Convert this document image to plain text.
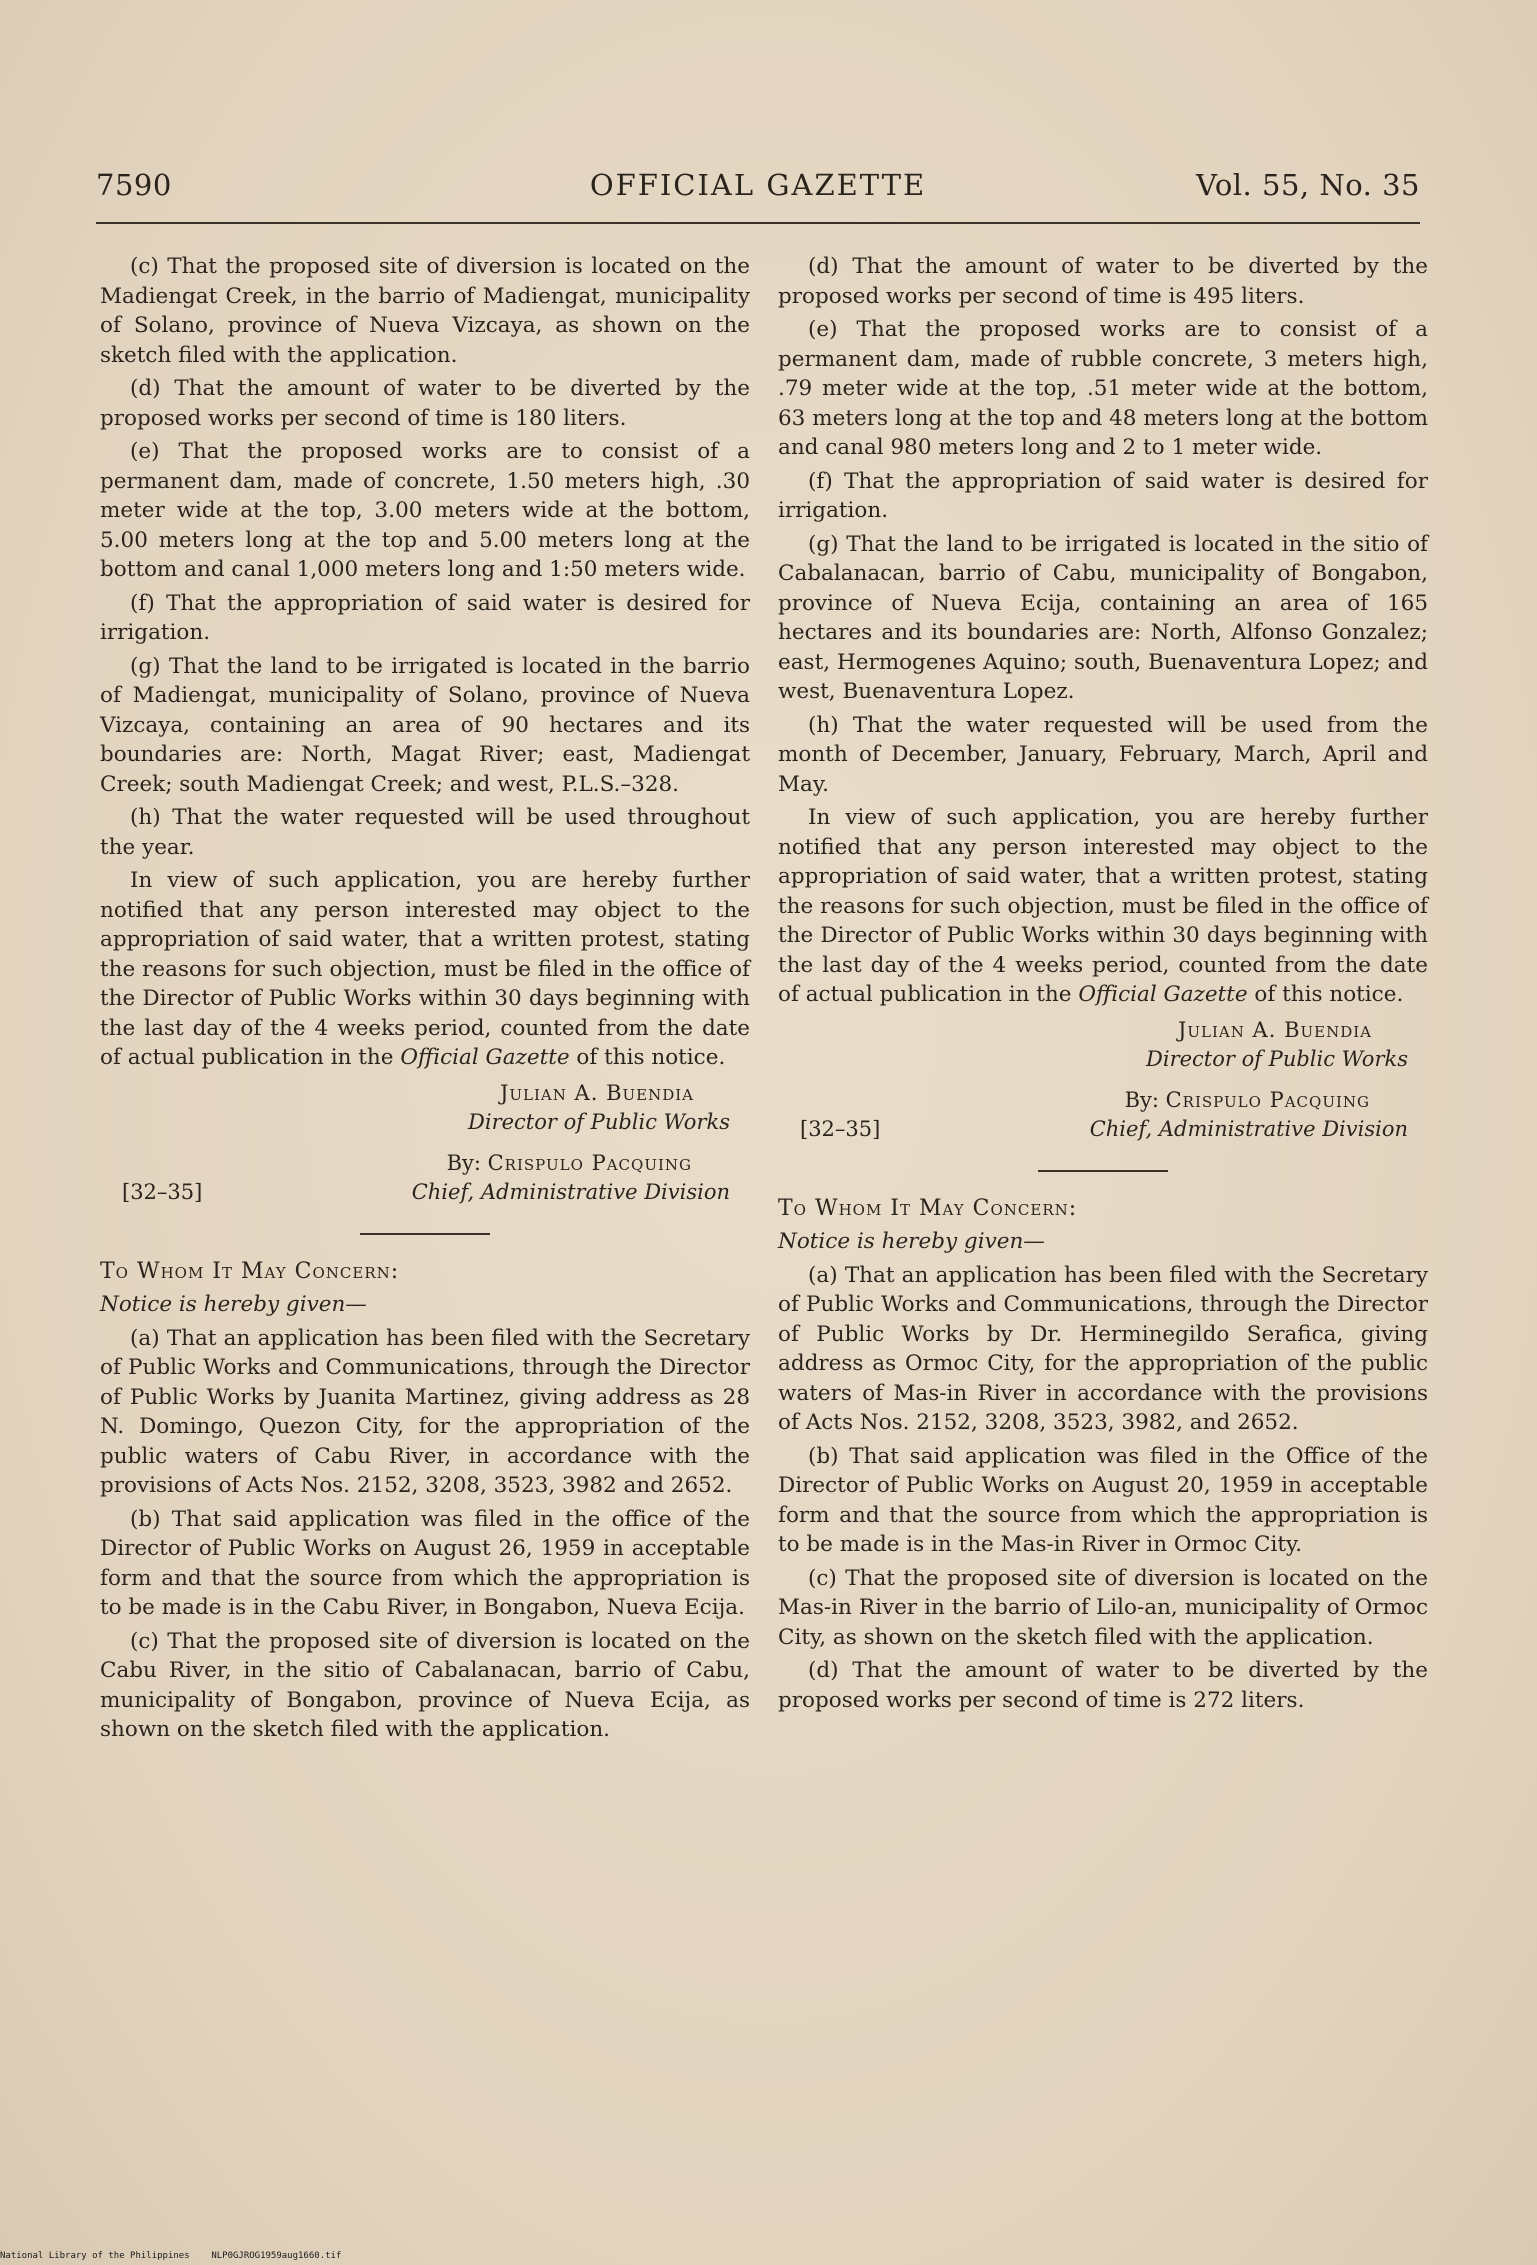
7590	OFFICIAL GAZETTE	Vol. 55, No. 35

(c) That the proposed site of diversion is located on the Madiengat Creek, in the barrio of Madiengat, municipality of Solano, province of Nueva Vizcaya, as shown on the sketch filed with the application.

(d) That the amount of water to be diverted by the proposed works per second of time is 180 liters.

(e) That the proposed works are to consist of a permanent dam, made of concrete, 1.50 meters high, .30 meter wide at the top, 3.00 meters wide at the bottom, 5.00 meters long at the top and 5.00 meters long at the bottom and canal 1,000 meters long and 1:50 meters wide.

(f) That the appropriation of said water is desired for irrigation.

(g) That the land to be irrigated is located in the barrio of Madiengat, municipality of Solano, province of Nueva Vizcaya, containing an area of 90 hectares and its boundaries are: North, Magat River; east, Madiengat Creek; south Madiengat Creek; and west, P.L.S.–328.

(h) That the water requested will be used throughout the year.

In view of such application, you are hereby further notified that any person interested may object to the appropriation of said water, that a written protest, stating the reasons for such objection, must be filed in the office of the Director of Public Works within 30 days beginning with the last day of the 4 weeks period, counted from the date of actual publication in the Official Gazette of this notice.

Julian A. Buendia
Director of Public Works
By: Crispulo Pacquing
[32–35]	Chief, Administrative Division

To Whom It May Concern:

Notice is hereby given—

(a) That an application has been filed with the Secretary of Public Works and Communications, through the Director of Public Works by Juanita Martinez, giving address as 28 N. Domingo, Quezon City, for the appropriation of the public waters of Cabu River, in accordance with the provisions of Acts Nos. 2152, 3208, 3523, 3982 and 2652.

(b) That said application was filed in the office of the Director of Public Works on August 26, 1959 in acceptable form and that the source from which the appropriation is to be made is in the Cabu River, in Bongabon, Nueva Ecija.

(c) That the proposed site of diversion is located on the Cabu River, in the sitio of Cabalanacan, barrio of Cabu, municipality of Bongabon, province of Nueva Ecija, as shown on the sketch filed with the application.

(d) That the amount of water to be diverted by the proposed works per second of time is 495 liters.

(e) That the proposed works are to consist of a permanent dam, made of rubble concrete, 3 meters high, .79 meter wide at the top, .51 meter wide at the bottom, 63 meters long at the top and 48 meters long at the bottom and canal 980 meters long and 2 to 1 meter wide.

(f) That the appropriation of said water is desired for irrigation.

(g) That the land to be irrigated is located in the sitio of Cabalanacan, barrio of Cabu, municipality of Bongabon, province of Nueva Ecija, containing an area of 165 hectares and its boundaries are: North, Alfonso Gonzalez; east, Hermogenes Aquino; south, Buenaventura Lopez; and west, Buenaventura Lopez.

(h) That the water requested will be used from the month of December, January, February, March, April and May.

In view of such application, you are hereby further notified that any person interested may object to the appropriation of said water, that a written protest, stating the reasons for such objection, must be filed in the office of the Director of Public Works within 30 days beginning with the last day of the 4 weeks period, counted from the date of actual publication in the Official Gazette of this notice.

Julian A. Buendia
Director of Public Works
By: Crispulo Pacquing
[32–35]	Chief, Administrative Division

To Whom It May Concern:

Notice is hereby given—

(a) That an application has been filed with the Secretary of Public Works and Communications, through the Director of Public Works by Dr. Herminegildo Serafica, giving address as Ormoc City, for the appropriation of the public waters of Mas-in River in accordance with the provisions of Acts Nos. 2152, 3208, 3523, 3982, and 2652.

(b) That said application was filed in the Office of the Director of Public Works on August 20, 1959 in acceptable form and that the source from which the appropriation is to be made is in the Mas-in River in Ormoc City.

(c) That the proposed site of diversion is located on the Mas-in River in the barrio of Lilo-an, municipality of Ormoc City, as shown on the sketch filed with the application.

(d) That the amount of water to be diverted by the proposed works per second of time is 272 liters.

National Library of the Philippines    NLP0GJROG1959aug1660.tif
